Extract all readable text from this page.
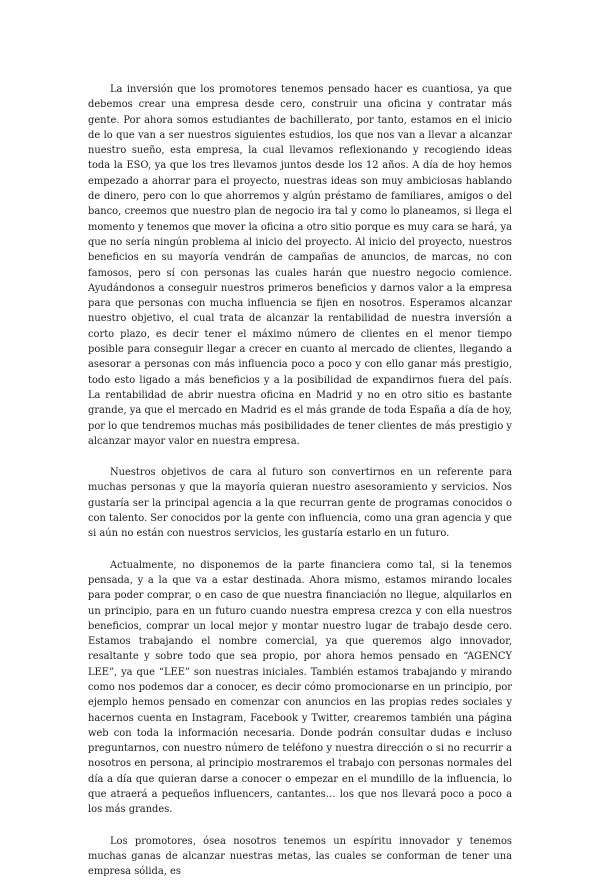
La inversión que los promotores tenemos pensado hacer es cuantiosa, ya que debemos crear una empresa desde cero, construir una oficina y contratar más gente. Por ahora somos estudiantes de bachillerato, por tanto, estamos en el inicio de lo que van a ser nuestros siguientes estudios, los que nos van a llevar a alcanzar nuestro sueño, esta empresa, la cual llevamos reflexionando y recogiendo ideas toda la ESO, ya que los tres llevamos juntos desde los 12 años. A día de hoy hemos empezado a ahorrar para el proyecto, nuestras ideas son muy ambiciosas hablando de dinero, pero con lo que ahorremos y algún préstamo de familiares, amigos o del banco, creemos que nuestro plan de negocio ira tal y como lo planeamos, si llega el momento y tenemos que mover la oficina a otro sitio porque es muy cara se hará, ya que no sería ningún problema al inicio del proyecto. Al inicio del proyecto, nuestros beneficios en su mayoría vendrán de campañas de anuncios, de marcas, no con famosos, pero sí con personas las cuales harán que nuestro negocio comience. Ayudándonos a conseguir nuestros primeros beneficios y darnos valor a la empresa para que personas con mucha influencia se fijen en nosotros. Esperamos alcanzar nuestro objetivo, el cual trata de alcanzar la rentabilidad de nuestra inversión a corto plazo, es decir tener el máximo número de clientes en el menor tiempo posible para conseguir llegar a crecer en cuanto al mercado de clientes, llegando a asesorar a personas con más influencia poco a poco y con ello ganar más prestigio, todo esto ligado a más beneficios y a la posibilidad de expandirnos fuera del país. La rentabilidad de abrir nuestra oficina en Madrid y no en otro sitio es bastante grande, ya que el mercado en Madrid es el más grande de toda España a día de hoy, por lo que tendremos muchas más posibilidades de tener clientes de más prestigio y alcanzar mayor valor en nuestra empresa.

Nuestros objetivos de cara al futuro son convertirnos en un referente para muchas personas y que la mayoría quieran nuestro asesoramiento y servicios. Nos gustaría ser la principal agencia a la que recurran gente de programas conocidos o con talento. Ser conocidos por la gente con influencia, como una gran agencia y que si aún no están con nuestros servicios, les gustaría estarlo en un futuro.

Actualmente, no disponemos de la parte financiera como tal, si la tenemos pensada, y a la que va a estar destinada. Ahora mismo, estamos mirando locales para poder comprar, o en caso de que nuestra financiación no llegue, alquilarlos en un principio, para en un futuro cuando nuestra empresa crezca y con ella nuestros beneficios, comprar un local mejor y montar nuestro lugar de trabajo desde cero. Estamos trabajando el nombre comercial, ya que queremos algo innovador, resaltante y sobre todo que sea propio, por ahora hemos pensado en “AGENCY LEE”, ya que “LEE” son nuestras iniciales. También estamos trabajando y mirando como nos podemos dar a conocer, es decir cómo promocionarse en un principio, por ejemplo hemos pensado en comenzar con anuncios en las propias redes sociales y hacernos cuenta en Instagram, Facebook y Twitter, crearemos también una página web con toda la información necesaria. Donde podrán consultar dudas e incluso preguntarnos, con nuestro número de teléfono y nuestra dirección o si no recurrir a nosotros en persona, al principio mostraremos el trabajo con personas normales del día a día que quieran darse a conocer o empezar en el mundillo de la influencia, lo que atraerá a pequeños influencers, cantantes… los que nos llevará poco a poco a los más grandes.

Los promotores, ósea nosotros tenemos un espíritu innovador y tenemos muchas ganas de alcanzar nuestras metas, las cuales se conforman de tener una empresa sólida, es
